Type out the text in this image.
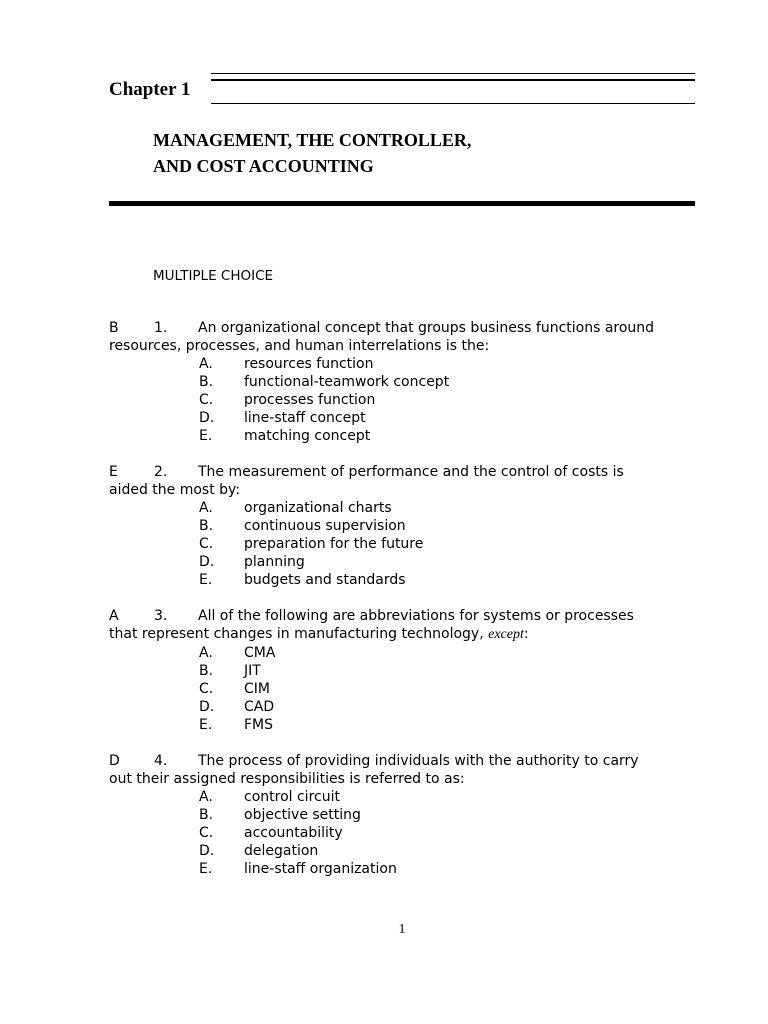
Chapter 1
MANAGEMENT, THE CONTROLLER,
AND COST ACCOUNTING
MULTIPLE CHOICE
B	1. An organizational concept that groups business functions around
resources, processes, and human interrelations is the:
A. resources function
B. functional-teamwork concept
C. processes function
D. line-staff concept
E. matching concept
E	2. The measurement of performance and the control of costs is
aided the most by:
A. organizational charts
B. continuous supervision
C. preparation for the future
D. planning
E. budgets and standards
A	3. All of the following are abbreviations for systems or processes
that represent changes in manufacturing technology, except:
A. CMA
B. JIT
C. CIM
D. CAD
E. FMS
D 4. The process of providing individuals with the authority to carry
out their assigned responsibilities is referred to as:
A. control circuit
B. objective setting
C. accountability
D. delegation
E. line-staff organization
1
